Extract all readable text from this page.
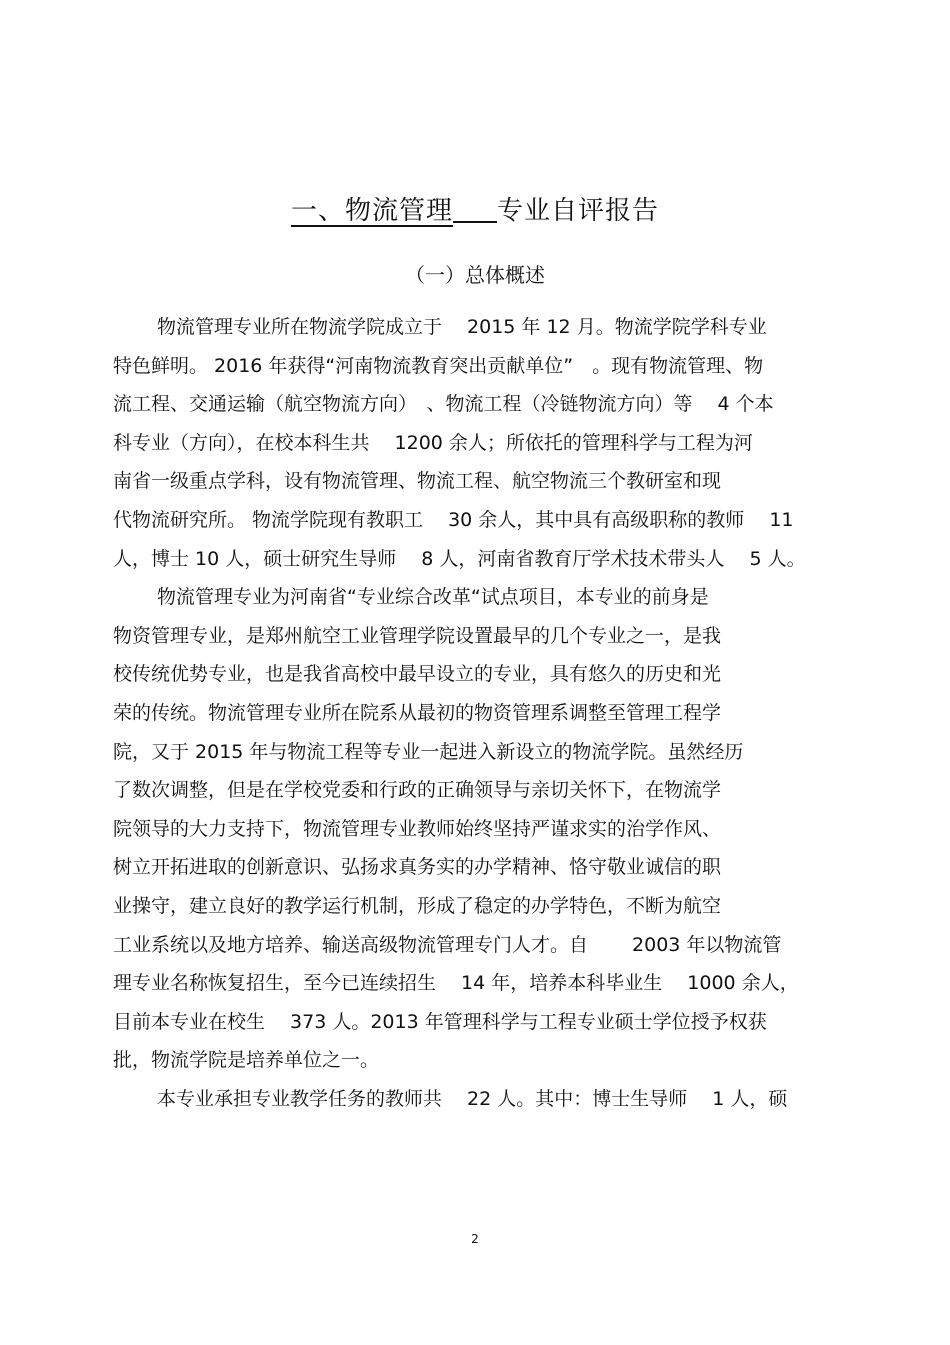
一、物流管理 专业自评报告
（一）总体概述
物流管理专业所在物流学院成立于　 2015 年 12 月。物流学院学科专业
特色鲜明。 2016 年获得“河南物流教育突出贡献单位”　。现有物流管理、物
流工程、交通运输（航空物流方向）　、物流工程（冷链物流方向）等　 4 个本
科专业（方向），在校本科生共　 1200 余人；所依托的管理科学与工程为河
南省一级重点学科，设有物流管理、物流工程、航空物流三个教研室和现
代物流研究所。 物流学院现有教职工　 30 余人，其中具有高级职称的教师　 11
人，博士 10 人，硕士研究生导师　 8 人，河南省教育厅学术技术带头人　 5 人。
物流管理专业为河南省“专业综合改革“试点项目，本专业的前身是
物资管理专业，是郑州航空工业管理学院设置最早的几个专业之一，是我
校传统优势专业，也是我省高校中最早设立的专业，具有悠久的历史和光
荣的传统。物流管理专业所在院系从最初的物资管理系调整至管理工程学
院，又于 2015 年与物流工程等专业一起进入新设立的物流学院。虽然经历
了数次调整，但是在学校党委和行政的正确领导与亲切关怀下，在物流学
院领导的大力支持下，物流管理专业教师始终坚持严谨求实的治学作风、
树立开拓进取的创新意识、弘扬求真务实的办学精神、恪守敬业诚信的职
业操守，建立良好的教学运行机制，形成了稳定的办学特色，不断为航空
工业系统以及地方培养、输送高级物流管理专门人才。自　　 2003 年以物流管
理专业名称恢复招生，至今已连续招生　 14 年，培养本科毕业生　 1000 余人，
目前本专业在校生　 373 人。2013 年管理科学与工程专业硕士学位授予权获
批，物流学院是培养单位之一。
本专业承担专业教学任务的教师共　 22 人。其中：博士生导师　 1 人，硕
2
